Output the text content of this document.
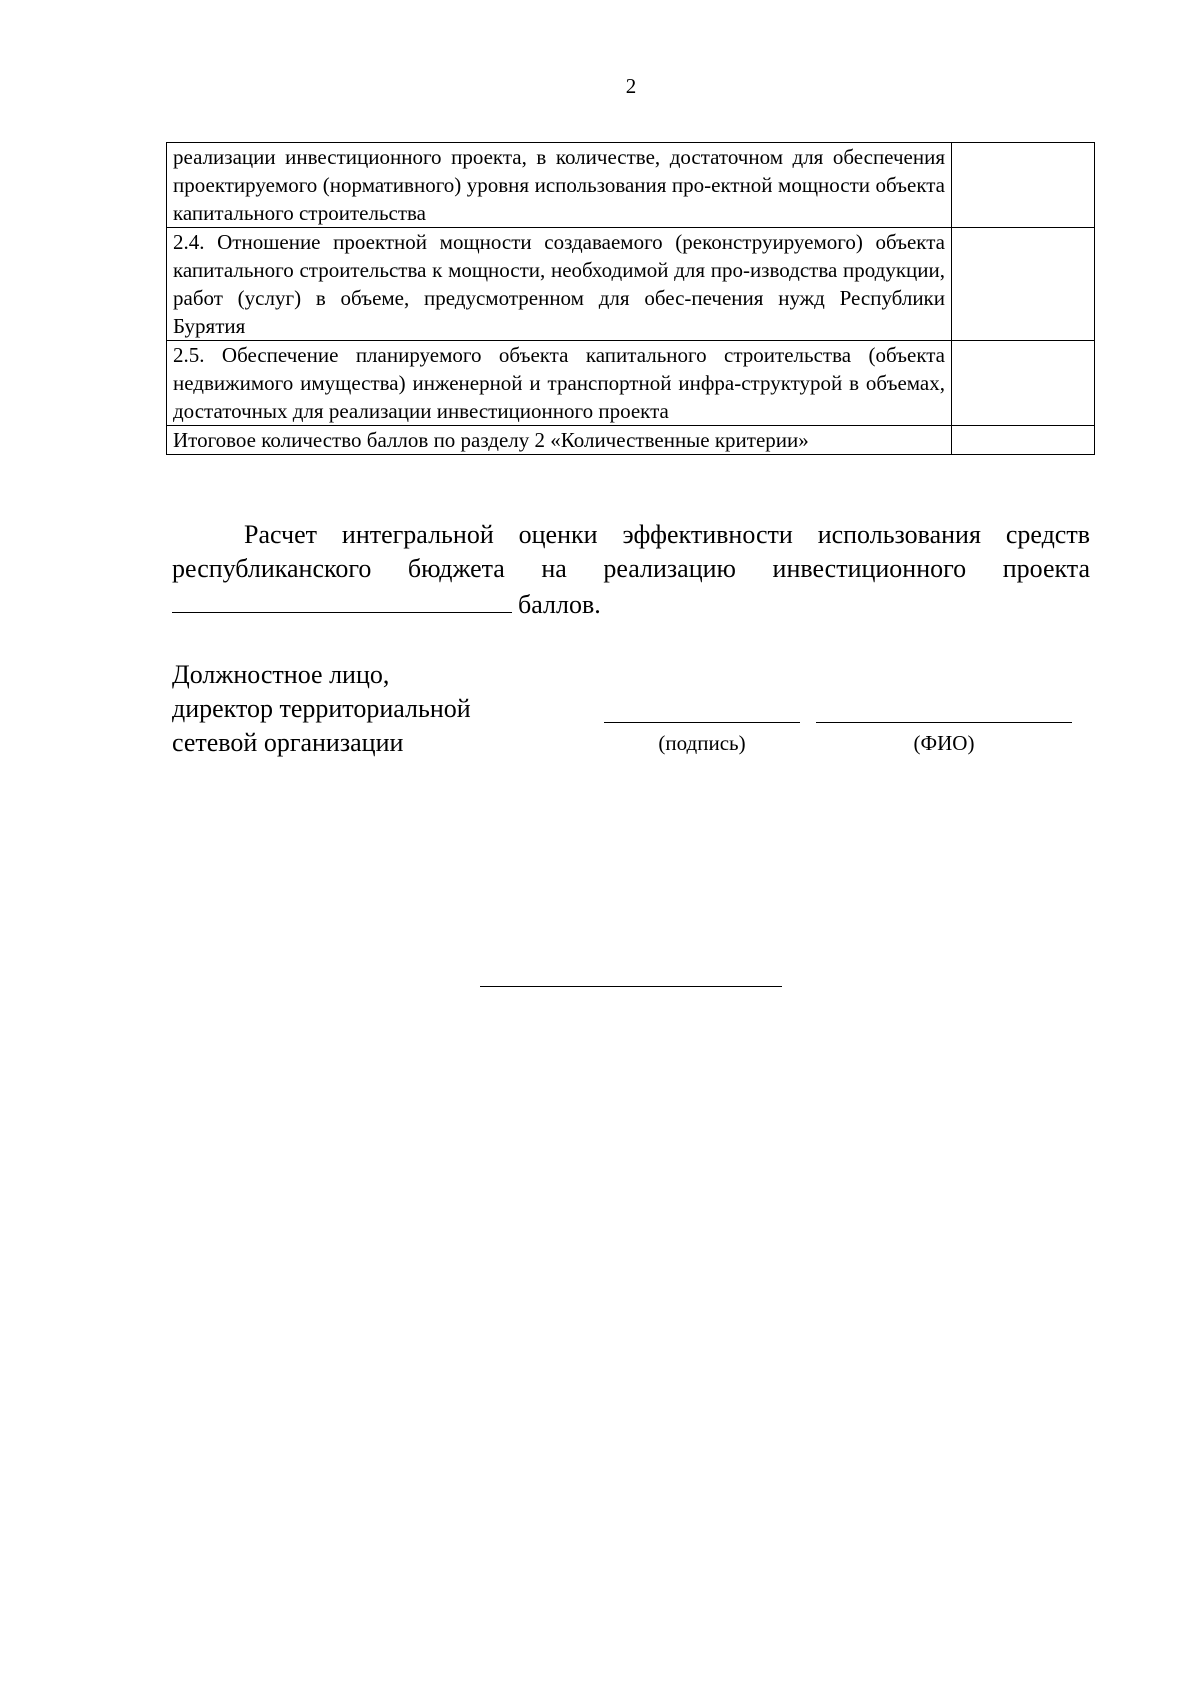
2
реализации инвестиционного проекта, в количестве, достаточном для обеспечения проектируемого (нормативного) уровня использования про-ектной мощности объекта капитального строительства	
2.4. Отношение проектной мощности создаваемого (реконструируемого) объекта капитального строительства к мощности, необходимой для про-изводства продукции, работ (услуг) в объеме, предусмотренном для обес-печения нужд Республики Бурятия	
2.5. Обеспечение планируемого объекта капитального строительства (объекта недвижимого имущества) инженерной и транспортной инфра-структурой в объемах, достаточных для реализации инвестиционного проекта	
Итоговое количество баллов по разделу 2 «Количественные критерии»	
Расчет интегральной оценки эффективности использования средств республиканского бюджета на реализацию инвестиционного проекта баллов.
Должностное лицо,
директор территориальной
сетевой организации	(подпись)	(ФИО)
